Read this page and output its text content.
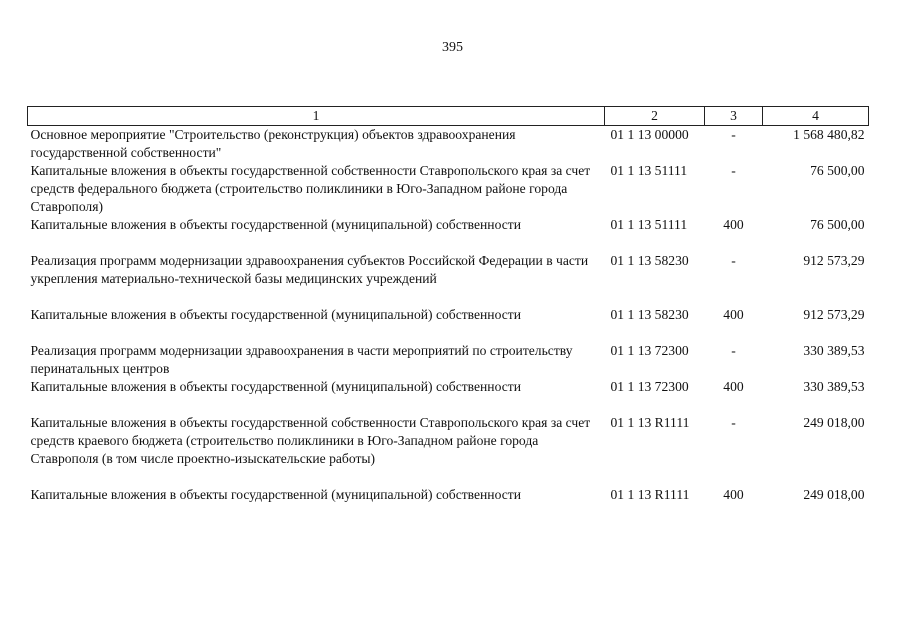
395
1	2	3	4
Основное мероприятие "Строительство (реконструкция) объектов здравоохранения государственной собственности"	01 1 13 00000	-	1 568 480,82
Капитальные вложения в объекты государственной собственности Ставропольского края за счет средств федерального бюджета (строительство поликлиники в Юго-Западном районе города Ставрополя)	01 1 13 51111	-	76 500,00
Капитальные вложения в объекты государственной (муниципальной) собственности	01 1 13 51111	400	76 500,00
Реализация программ модернизации здравоохранения субъектов Российской Федерации в части укрепления материально-технической базы медицинских учреждений	01 1 13 58230	-	912 573,29
Капитальные вложения в объекты государственной (муниципальной) собственности	01 1 13 58230	400	912 573,29
Реализация программ модернизации здравоохранения в части мероприятий по строительству перинатальных центров	01 1 13 72300	-	330 389,53
Капитальные вложения в объекты государственной (муниципальной) собственности	01 1 13 72300	400	330 389,53
Капитальные вложения в объекты государственной собственности Ставропольского края за счет средств краевого бюджета (строительство поликлиники в Юго-Западном районе города Ставрополя (в том числе проектно-изыскательские работы)	01 1 13 R1111	-	249 018,00
Капитальные вложения в объекты государственной (муниципальной) собственности	01 1 13 R1111	400	249 018,00
